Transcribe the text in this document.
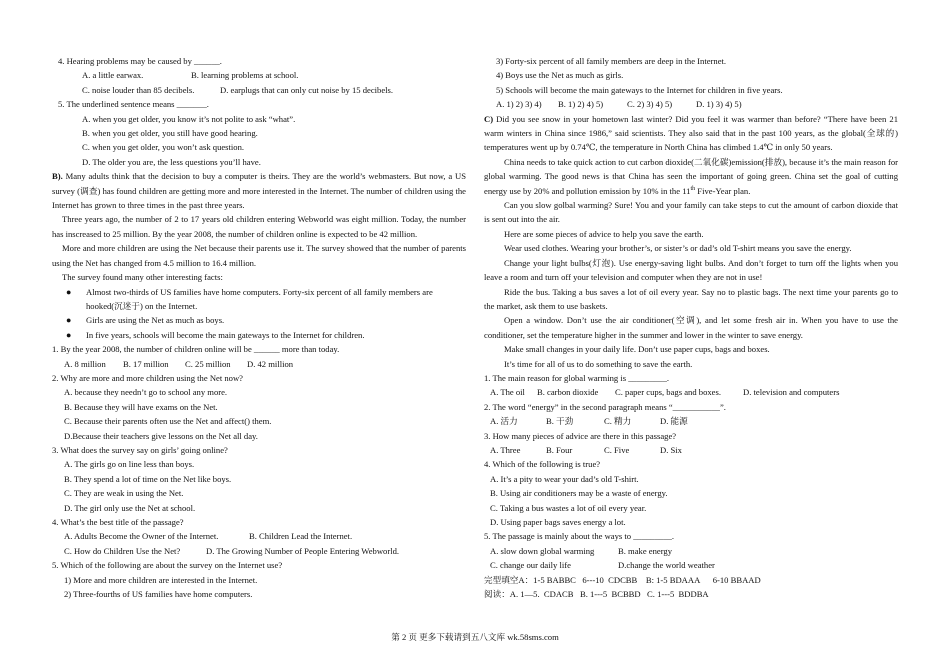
4. Hearing problems may be caused by ______.
A. a little earwax.	B. learning problems at school.
C. noise louder than 85 decibels.	D. earplugs that can only cut noise by 15 decibels.
5. The underlined sentence means _______.
A. when you get older, you know it’s not polite to ask “what”.
B. when you get older, you still have good hearing.
C. when you get older, you won’t ask question.
D. The older you are, the less questions you’ll have.
B). Many adults think that the decision to buy a computer is theirs. They are the world’s webmasters. But now, a US survey (调查) has found children are getting more and more interested in the Internet. The number of children using the Internet has grown to three times in the past three years.
Three years ago, the number of 2 to 17 years old children entering Webworld was eight million. Today, the number has inscreased to 25 million. By the year 2008, the number of children online is expected to be 42 million.
More and more children are using the Net because their parents use it. The survey showed that the number of parents using the Net has changed from 4.5 million to 16.4 million.
The survey found many other interesting facts:
● Almost two-thirds of US families have home computers. Forty-six percent of all family members are hooked(沉迷于) on the Internet.
● Girls are using the Net as much as boys.
● In five years, schools will become the main gateways to the Internet for children.
1. By the year 2008, the number of children online will be ______ more than today.
A. 8 million B. 17 million C. 25 million D. 42 million
2. Why are more and more children using the Net now?
A. because they needn’t go to school any more.
B. Because they will have exams on the Net.
C. Because their parents often use the Net and affect() them.
D.Because their teachers give lessons on the Net all day.
3. What does the survey say on girls’ going online?
A. The girls go on line less than boys.
B. They spend a lot of time on the Net like boys.
C. They are weak in using the Net.
D. The girl only use the Net at school.
4. What’s the best title of the passage?
A. Adults Become the Owner of the Internet.	B. Children Lead the Internet.
C. How do Children Use the Net?	D. The Growing Number of People Entering Webworld.
5. Which of the following are about the survey on the Internet use?
1) More and more children are interested in the Internet.
2) Three-fourths of US families have home computers.
3) Forty-six percent of all family members are deep in the Internet.
4) Boys use the Net as much as girls.
5) Schools will become the main gateways to the Internet for children in five years.
A. 1) 2) 3) 4) B. 1) 2) 4) 5)	C. 2) 3) 4) 5)	D. 1) 3) 4) 5)
C) Did you see snow in your hometown last winter? Did you feel it was warmer than before? “There have been 21 warm winters in China since 1986,” said scientists. They also said that in the past 100 years, as the global(全球的) temperatures went up by 0.74℃, the temperature in North China has climbed 1.4℃ in only 50 years.
China needs to take quick action to cut carbon dioxide(二氧化碳)emission(排放), because it’s the main reason for global warming. The good news is that China has seen the important of going green. China set the goal of cutting energy use by 20% and pollution emission by 10% in the 11th Five-Year plan.
Can you slow golbal warming? Sure! You and your family can take steps to cut the amount of carbon dioxide that is sent out into the air.
Here are some pieces of advice to help you save the earth.
Wear used clothes. Wearing your brother’s, or sister’s or dad’s old T-shirt means you save the energy.
Change your light bulbs(灯泡). Use energy-saving light bulbs. And don’t forget to turn off the lights when you leave a room and turn off your television and computer when they are not in use!
Ride the bus. Taking a bus saves a lot of oil every year. Say no to plastic bags. The next time your parents go to the market, ask them to use baskets.
Open a window. Don’t use the air conditioner(空调), and let some fresh air in. When you have to use the conditioner, set the temperature higher in the summer and lower in the winter to save energy.
Make small changes in your daily life. Don’t use paper cups, bags and boxes.
It’s time for all of us to do something to save the earth.
1. The main reason for global warming is _________.
A. The oil B. carbon dioxide C. paper cups, bags and boxes.	D. television and computers
2. The word “energy” in the second paragraph means “___________”.
A. 活力	B. 干劲	C. 精力	D. 能源
3. How many pieces of advice are there in this passage?
A. Three	B. Four	C. Five	D. Six
4. Which of the following is true?
A. It’s a pity to wear your dad’s old T-shirt.
B. Using air conditioners may be a waste of energy.
C. Taking a bus wastes a lot of oil every year.
D. Using paper bags saves energy a lot.
5. The passage is mainly about the ways to _________.
A. slow down global warming	B. make energy
C. change our daily life	D.change the world weather
完型填空A：1-5 BABBC   6---10  CDCBB    B: 1-5 BDAAA      6-10 BBAAD
阅读：A. 1—5.  CDACB   B. 1---5  BCBBD   C. 1---5  BDDBA
第 2 页 更多下载请到五八文库 wk.58sms.com
